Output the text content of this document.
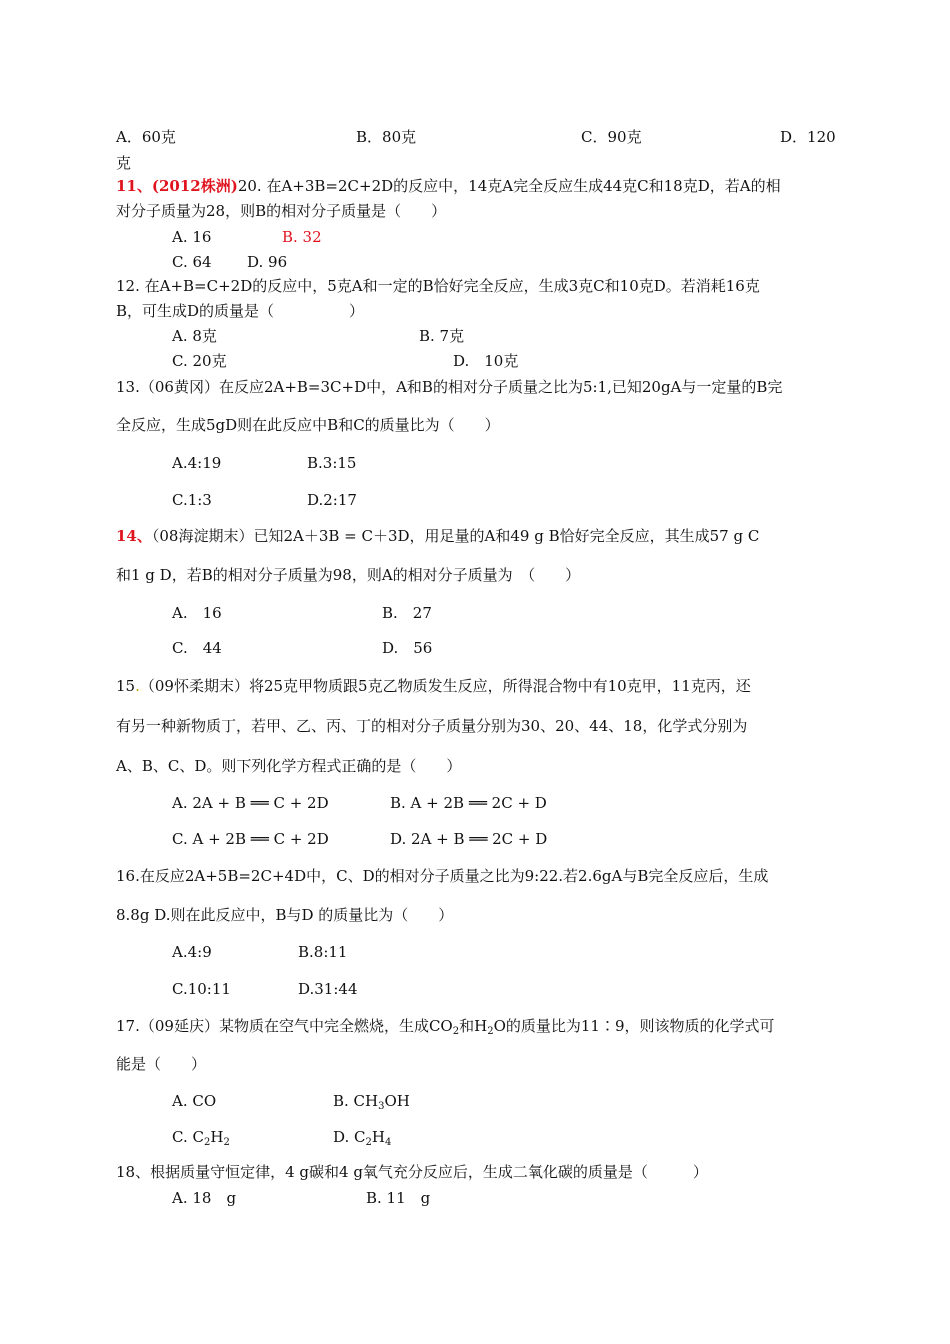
A．60克	B．80克	C．90克	D．120
克
11、(2012株洲)20. 在A+3B=2C+2D的反应中，14克A完全反应生成44克C和18克D，若A的相
对分子质量为28，则B的相对分子质量是（　　）
A. 16	B. 32
C. 64 D. 96
12. 在A+B=C+2D的反应中，5克A和一定的B恰好完全反应，生成3克C和10克D。若消耗16克
B，可生成D的质量是（　　　　　）
A. 8克	B. 7克
C. 20克	D.　10克
13.（06黄冈）在反应2A+B=3C+D中，A和B的相对分子质量之比为5:1,已知20gA与一定量的B完
全反应，生成5gD则在此反应中B和C的质量比为（　　）
A.4:19	B.3:15
C.1:3	D.2:17
14、（08海淀期末）已知2A＋3B = C＋3D，用足量的A和49 g B恰好完全反应，其生成57 g C
和1 g D，若B的相对分子质量为98，则A的相对分子质量为　（　　）
A.　16	B.　27
C.　44	D.　56
15.（09怀柔期末）将25克甲物质跟5克乙物质发生反应，所得混合物中有10克甲，11克丙，还
有另一种新物质丁，若甲、乙、丙、丁的相对分子质量分别为30、20、44、18，化学式分别为
A、B、C、D。则下列化学方程式正确的是（　　）
A. 2A + B ══ C + 2D	B. A + 2B ══ 2C + D
C. A + 2B ══ C + 2D	D. 2A + B ══ 2C + D
16.在反应2A+5B=2C+4D中，C、D的相对分子质量之比为9:22.若2.6gA与B完全反应后，生成
8.8g D.则在此反应中，B与D 的质量比为（　　）
A.4:9	B.8:11
C.10:11	D.31:44
17.（09延庆）某物质在空气中完全燃烧，生成$CO_2$和$H_2O$的质量比为11∶9，则该物质的化学式可
能是（　　）
A. CO	B. $CH_3OH$
C. $C_2H_2$	D. $C_2H_4$
18、根据质量守恒定律，4 g碳和4 g氧气充分反应后，生成二氧化碳的质量是（　　　）
A. 18　g	B. 11　g
